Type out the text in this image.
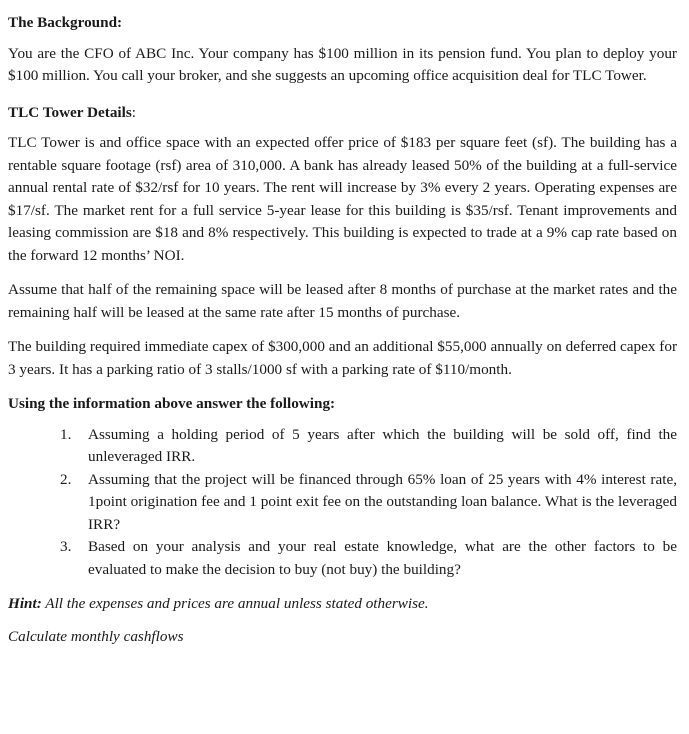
The Background:

You are the CFO of ABC Inc. Your company has $100 million in its pension fund. You plan to deploy your $100 million. You call your broker, and she suggests an upcoming office acquisition deal for TLC Tower.

TLC Tower Details:

TLC Tower is and office space with an expected offer price of $183 per square feet (sf). The building has a rentable square footage (rsf) area of 310,000. A bank has already leased 50% of the building at a full-service annual rental rate of $32/rsf for 10 years. The rent will increase by 3% every 2 years. Operating expenses are $17/sf. The market rent for a full service 5-year lease for this building is $35/rsf. Tenant improvements and leasing commission are $18 and 8% respectively. This building is expected to trade at a 9% cap rate based on the forward 12 months’ NOI.

Assume that half of the remaining space will be leased after 8 months of purchase at the market rates and the remaining half will be leased at the same rate after 15 months of purchase.

The building required immediate capex of $300,000 and an additional $55,000 annually on deferred capex for 3 years. It has a parking ratio of 3 stalls/1000 sf with a parking rate of $110/month.

Using the information above answer the following:
1. Assuming a holding period of 5 years after which the building will be sold off, find the unleveraged IRR.
2. Assuming that the project will be financed through 65% loan of 25 years with 4% interest rate, 1point origination fee and 1 point exit fee on the outstanding loan balance. What is the leveraged IRR?
3. Based on your analysis and your real estate knowledge, what are the other factors to be evaluated to make the decision to buy (not buy) the building?

Hint: All the expenses and prices are annual unless stated otherwise.

Calculate monthly cashflows
